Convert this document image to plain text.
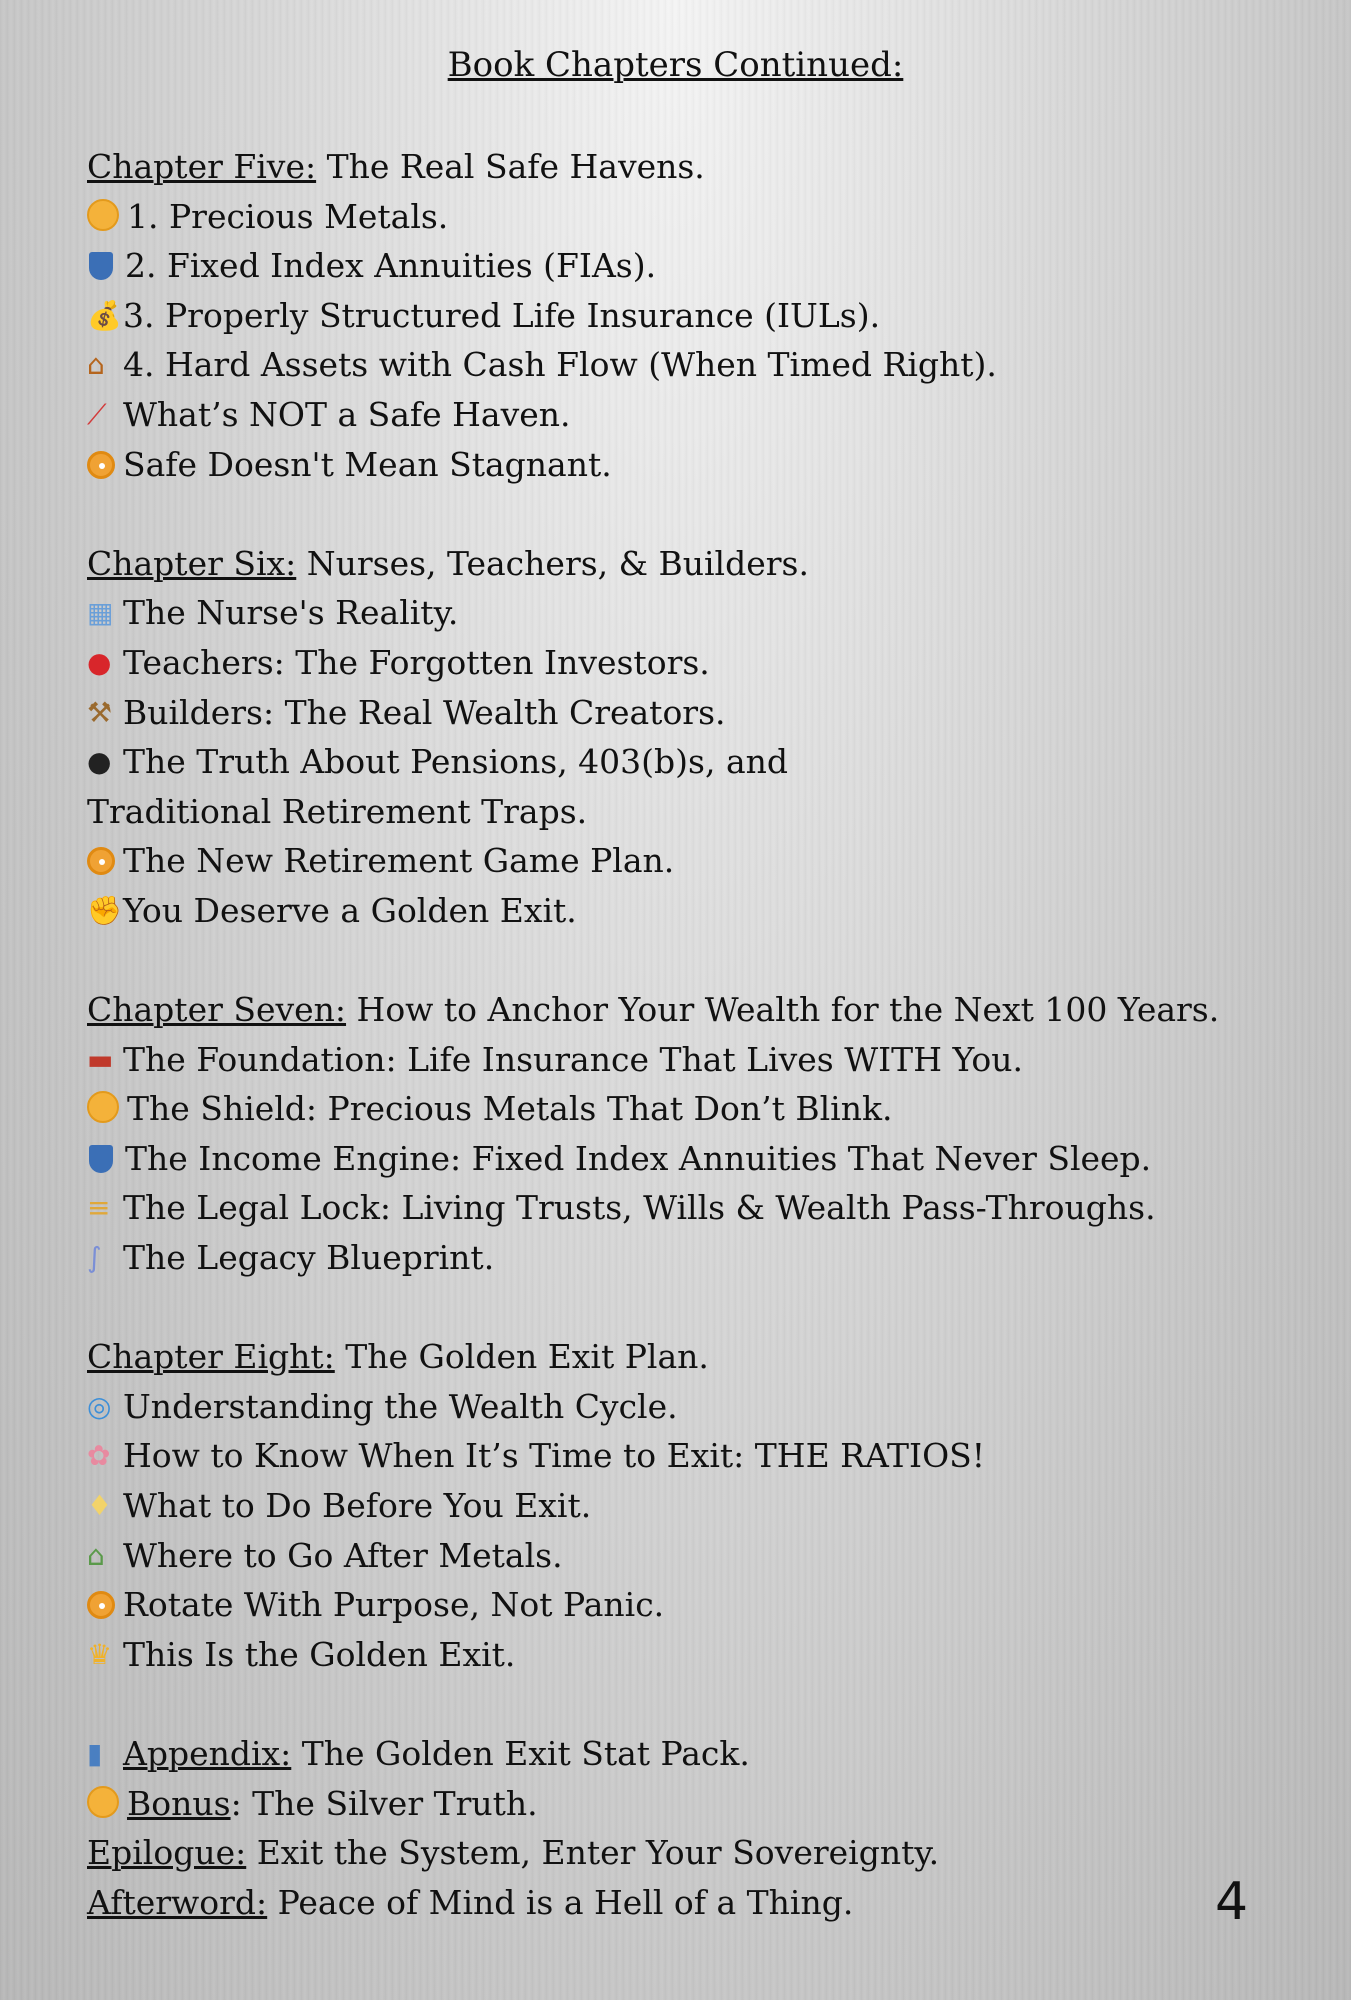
Book Chapters Continued:
Chapter Five: The Real Safe Havens.
1. Precious Metals.
2. Fixed Index Annuities (FIAs).
💰3. Properly Structured Life Insurance (IULs).
⌂ 4. Hard Assets with Cash Flow (When Timed Right).
⟋ What’s NOT a Safe Haven.
Safe Doesn't Mean Stagnant.
Chapter Six: Nurses, Teachers, & Builders.
▦ The Nurse's Reality.
● Teachers: The Forgotten Investors.
⚒ Builders: The Real Wealth Creators.
● The Truth About Pensions, 403(b)s, and
Traditional Retirement Traps.
The New Retirement Game Plan.
✊You Deserve a Golden Exit.
Chapter Seven: How to Anchor Your Wealth for the Next 100 Years.
▬ The Foundation: Life Insurance That Lives WITH You.
The Shield: Precious Metals That Don’t Blink.
The Income Engine: Fixed Index Annuities That Never Sleep.
≡ The Legal Lock: Living Trusts, Wills & Wealth Pass-Throughs.
∫ The Legacy Blueprint.
Chapter Eight: The Golden Exit Plan.
◎ Understanding the Wealth Cycle.
✿ How to Know When It’s Time to Exit: THE RATIOS!
♦ What to Do Before You Exit.
⌂ Where to Go After Metals.
Rotate With Purpose, Not Panic.
♛ This Is the Golden Exit.
▮ Appendix: The Golden Exit Stat Pack.
Bonus: The Silver Truth.
Epilogue: Exit the System, Enter Your Sovereignty.
Afterword: Peace of Mind is a Hell of a Thing.	4
